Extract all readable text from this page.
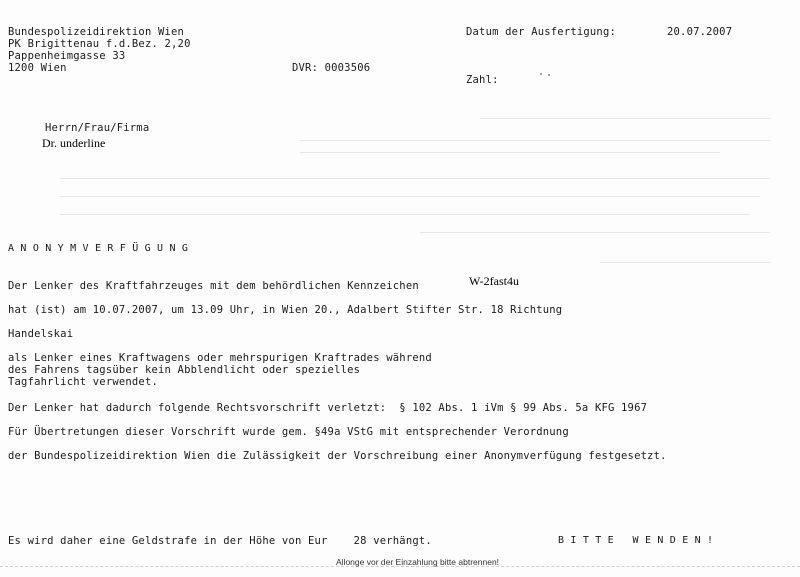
Bundespolizeidirektion Wien
PK Brigittenau f.d.Bez. 2,20
Pappenheimgasse 33
1200 Wien	DVR: 0003506
Datum der Ausfertigung:	20.07.2007
Zahl:
Herrn/Frau/Firma
Dr. underline
ANONYMVERFÜGUNG
Der Lenker des Kraftfahrzeuges mit dem behördlichen Kennzeichen	W-2fast4u
hat (ist) am 10.07.2007, um 13.09 Uhr, in Wien 20., Adalbert Stifter Str. 18 Richtung
Handelskai
als Lenker eines Kraftwagens oder mehrspurigen Kraftrades während
des Fahrens tagsüber kein Abblendlicht oder spezielles
Tagfahrlicht verwendet.
Der Lenker hat dadurch folgende Rechtsvorschrift verletzt:  § 102 Abs. 1 iVm § 99 Abs. 5a KFG 1967
Für Übertretungen dieser Vorschrift wurde gem. §49a VStG mit entsprechender Verordnung
der Bundespolizeidirektion Wien die Zulässigkeit der Vorschreibung einer Anonymverfügung festgesetzt.
Es wird daher eine Geldstrafe in der Höhe von Eur    28 verhängt.	BITTE WENDEN!
Allonge vor der Einzahlung bitte abtrennen!
